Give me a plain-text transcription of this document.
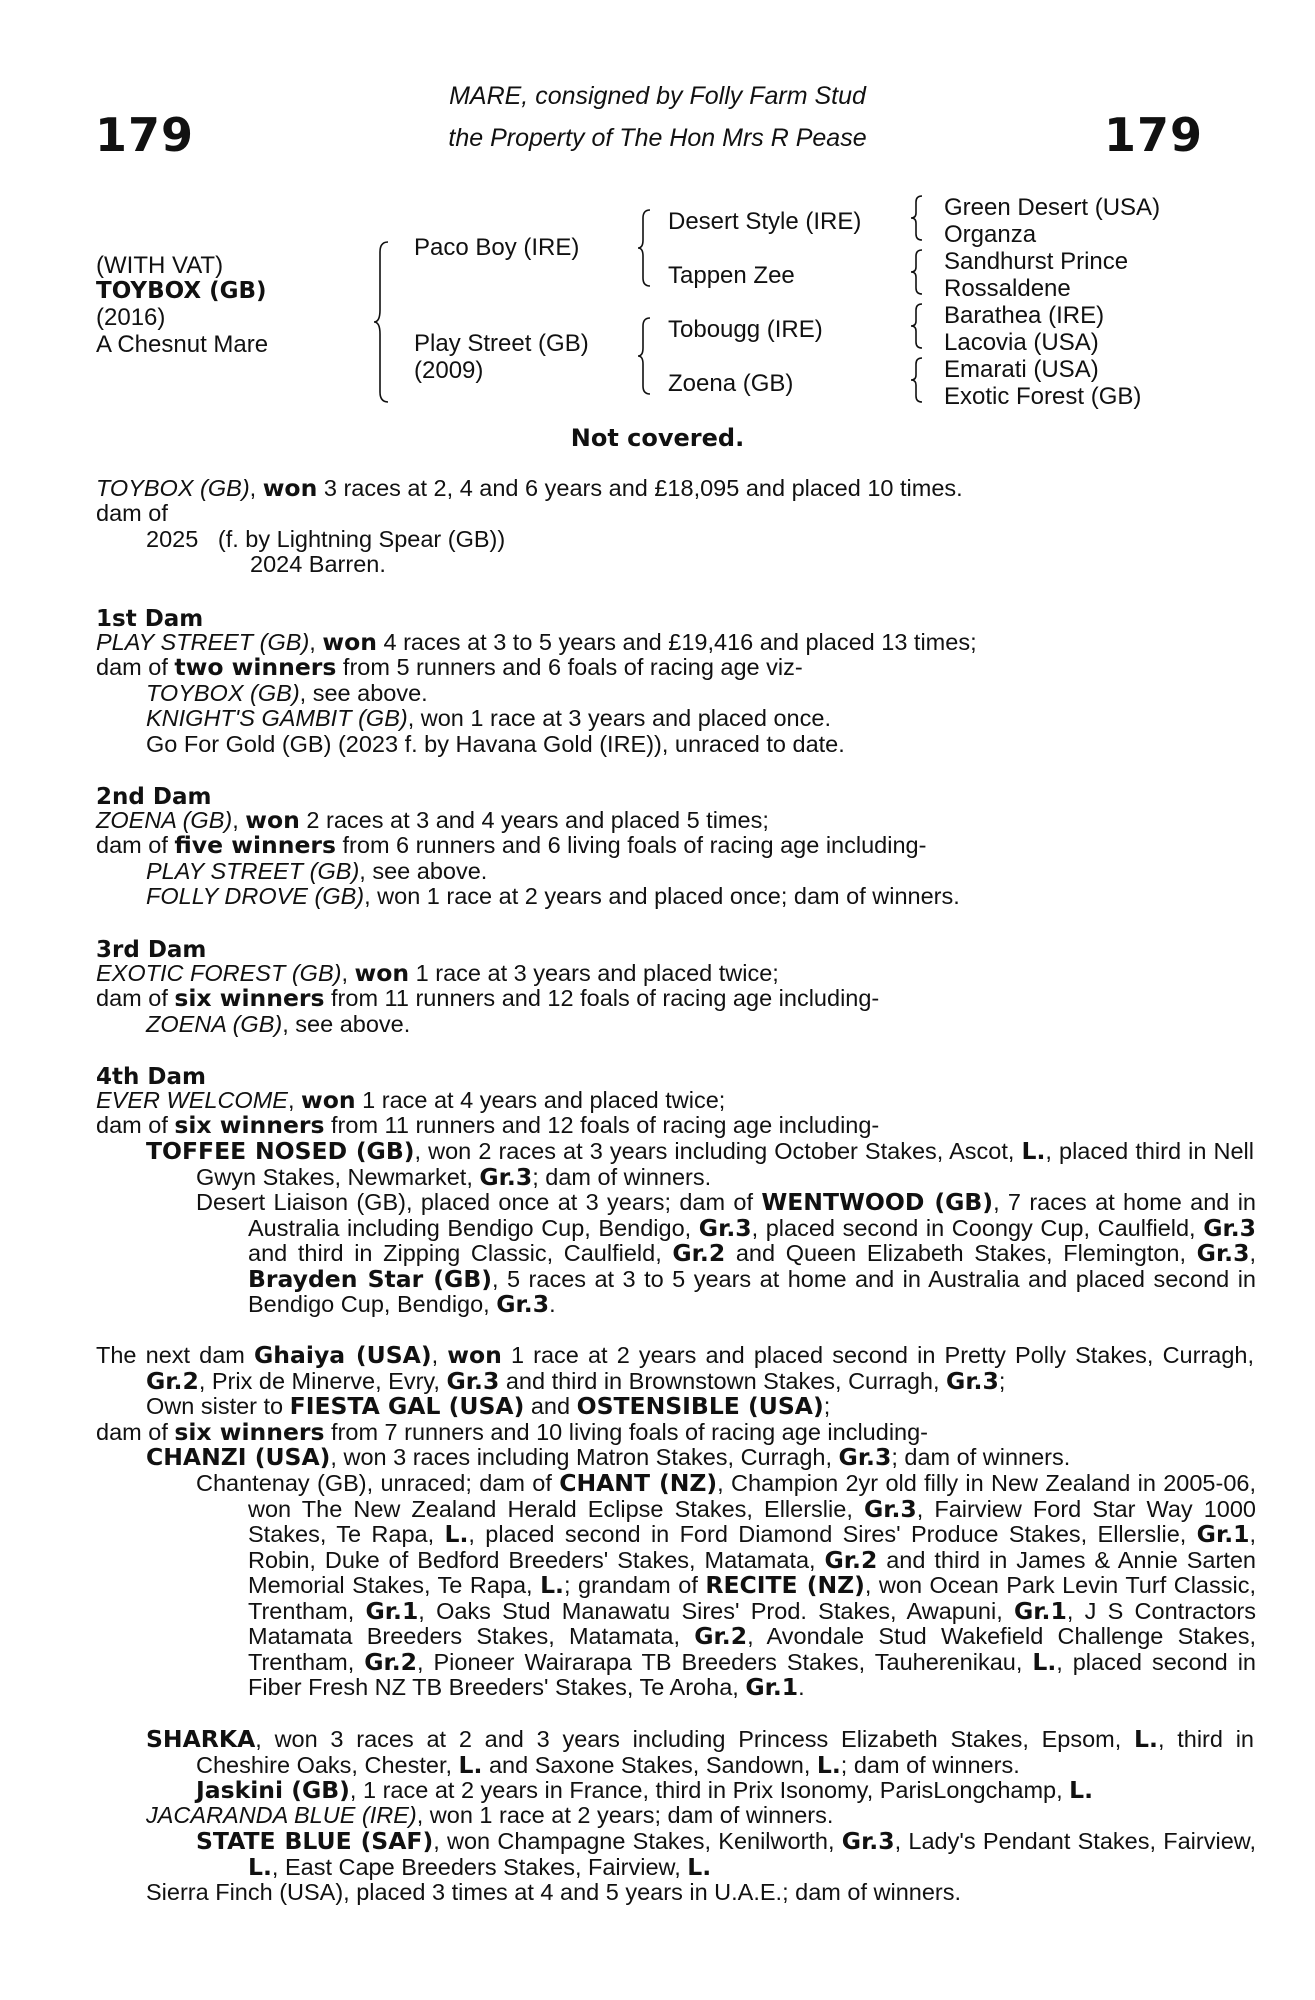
179	179
MARE, consigned by Folly Farm Stud
the Property of The Hon Mrs R Pease
(WITH VAT)
TOYBOX (GB)
(2016)
A Chesnut Mare
Paco Boy (IRE)
Play Street (GB)
(2009)
Desert Style (IRE)
Tappen Zee
Tobougg (IRE)
Zoena (GB)
Green Desert (USA)
Organza
Sandhurst Prince
Rossaldene
Barathea (IRE)
Lacovia (USA)
Emarati (USA)
Exotic Forest (GB)
Not covered.
TOYBOX (GB), won 3 races at 2, 4 and 6 years and £18,095 and placed 10 times.
dam of
2025   (f. by Lightning Spear (GB))
2024 Barren.
1st Dam
PLAY STREET (GB), won 4 races at 3 to 5 years and £19,416 and placed 13 times;
dam of two winners from 5 runners and 6 foals of racing age viz-
TOYBOX (GB), see above.
KNIGHT'S GAMBIT (GB), won 1 race at 3 years and placed once.
Go For Gold (GB) (2023 f. by Havana Gold (IRE)), unraced to date.
2nd Dam
ZOENA (GB), won 2 races at 3 and 4 years and placed 5 times;
dam of five winners from 6 runners and 6 living foals of racing age including-
PLAY STREET (GB), see above.
FOLLY DROVE (GB), won 1 race at 2 years and placed once; dam of winners.
3rd Dam
EXOTIC FOREST (GB), won 1 race at 3 years and placed twice;
dam of six winners from 11 runners and 12 foals of racing age including-
ZOENA (GB), see above.
4th Dam
EVER WELCOME, won 1 race at 4 years and placed twice;
dam of six winners from 11 runners and 12 foals of racing age including-
TOFFEE NOSED (GB), won 2 races at 3 years including October Stakes, Ascot, L., placed third in Nell Gwyn Stakes, Newmarket, Gr.3; dam of winners.
Desert Liaison (GB), placed once at 3 years; dam of WENTWOOD (GB), 7 races at home and in Australia including Bendigo Cup, Bendigo, Gr.3, placed second in Coongy Cup, Caulfield, Gr.3 and third in Zipping Classic, Caulfield, Gr.2 and Queen Elizabeth Stakes, Flemington, Gr.3, Brayden Star (GB), 5 races at 3 to 5 years at home and in Australia and placed second in Bendigo Cup, Bendigo, Gr.3.
The next dam Ghaiya (USA), won 1 race at 2 years and placed second in Pretty Polly Stakes, Curragh, Gr.2, Prix de Minerve, Evry, Gr.3 and third in Brownstown Stakes, Curragh, Gr.3;
Own sister to FIESTA GAL (USA) and OSTENSIBLE (USA);
dam of six winners from 7 runners and 10 living foals of racing age including-
CHANZI (USA), won 3 races including Matron Stakes, Curragh, Gr.3; dam of winners.
Chantenay (GB), unraced; dam of CHANT (NZ), Champion 2yr old filly in New Zealand in 2005-06, won The New Zealand Herald Eclipse Stakes, Ellerslie, Gr.3, Fairview Ford Star Way 1000 Stakes, Te Rapa, L., placed second in Ford Diamond Sires' Produce Stakes, Ellerslie, Gr.1, Robin, Duke of Bedford Breeders' Stakes, Matamata, Gr.2 and third in James & Annie Sarten Memorial Stakes, Te Rapa, L.; grandam of RECITE (NZ), won Ocean Park Levin Turf Classic, Trentham, Gr.1, Oaks Stud Manawatu Sires' Prod. Stakes, Awapuni, Gr.1, J S Contractors Matamata Breeders Stakes, Matamata, Gr.2, Avondale Stud Wakefield Challenge Stakes, Trentham, Gr.2, Pioneer Wairarapa TB Breeders Stakes, Tauherenikau, L., placed second in Fiber Fresh NZ TB Breeders' Stakes, Te Aroha, Gr.1.
SHARKA, won 3 races at 2 and 3 years including Princess Elizabeth Stakes, Epsom, L., third in Cheshire Oaks, Chester, L. and Saxone Stakes, Sandown, L.; dam of winners.
Jaskini (GB), 1 race at 2 years in France, third in Prix Isonomy, ParisLongchamp, L.
JACARANDA BLUE (IRE), won 1 race at 2 years; dam of winners.
STATE BLUE (SAF), won Champagne Stakes, Kenilworth, Gr.3, Lady's Pendant Stakes, Fairview, L., East Cape Breeders Stakes, Fairview, L.
Sierra Finch (USA), placed 3 times at 4 and 5 years in U.A.E.; dam of winners.
